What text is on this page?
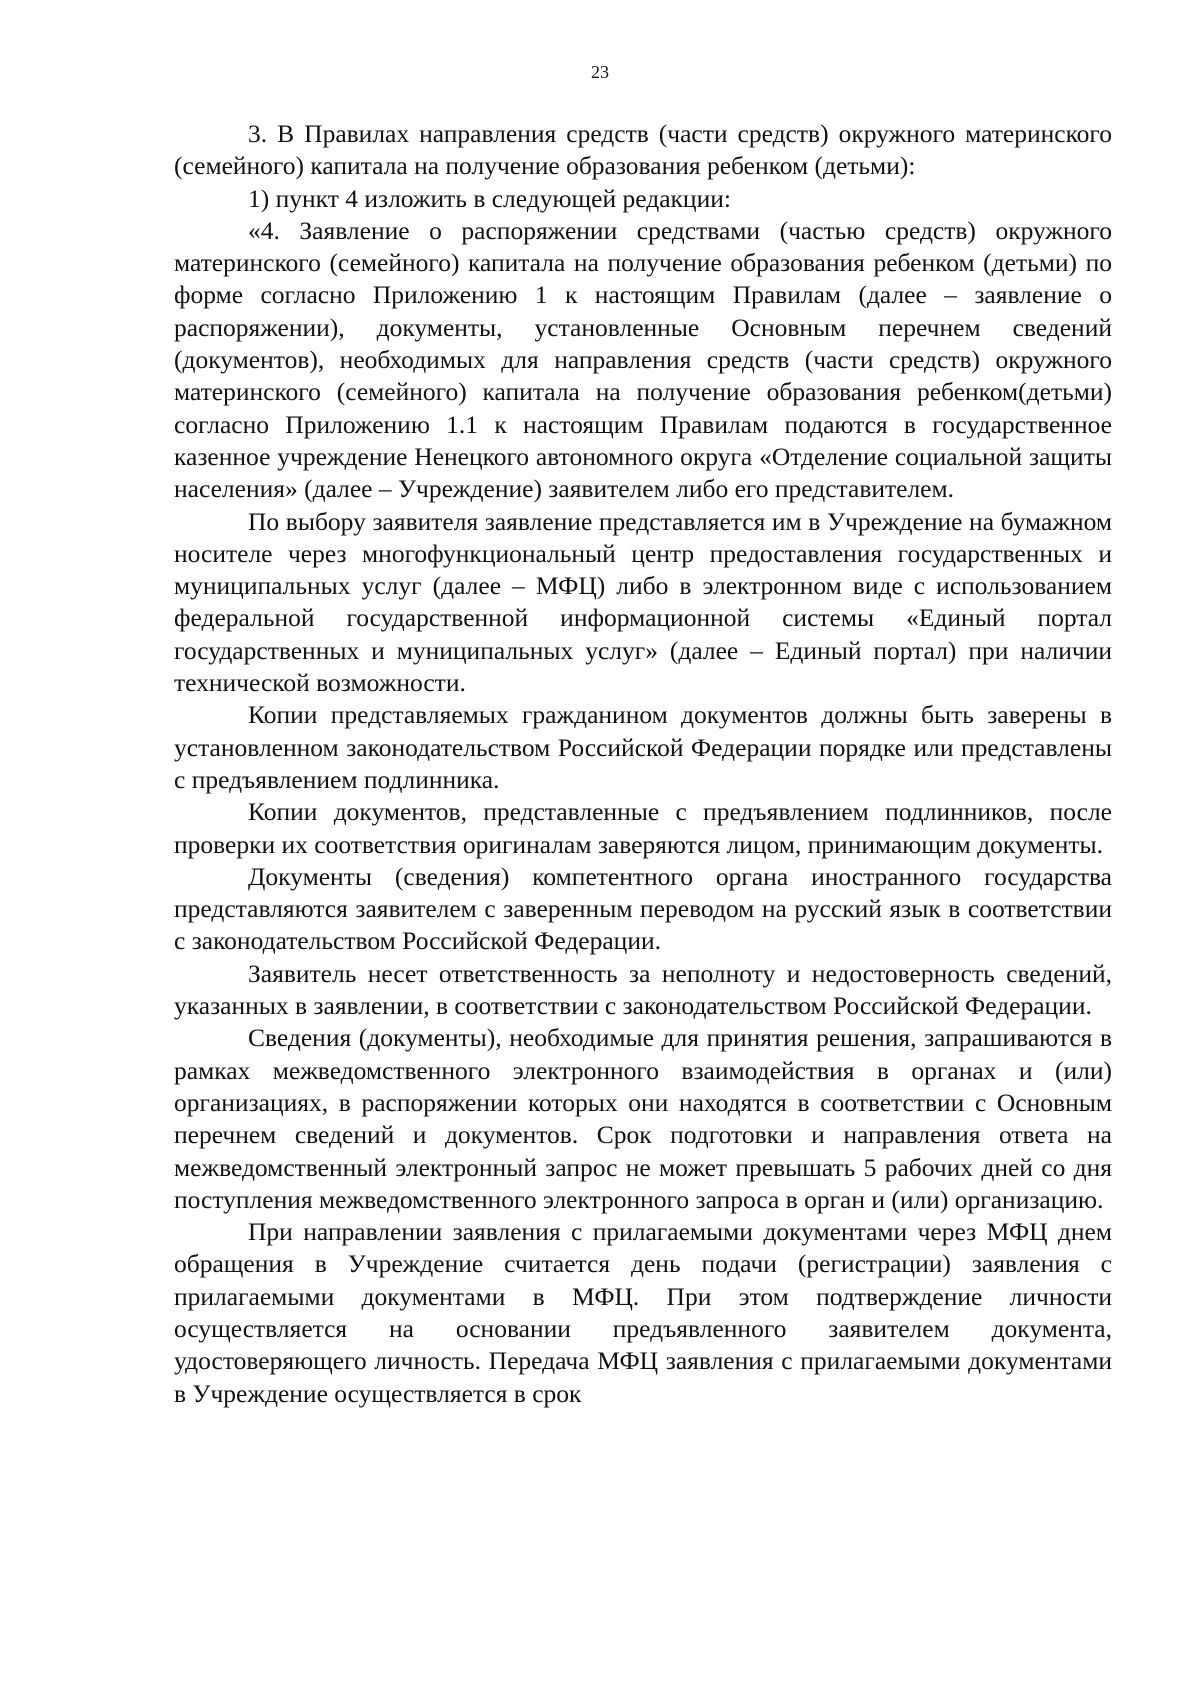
23

3. В Правилах направления средств (части средств) окружного материнского (семейного) капитала на получение образования ребенком (детьми):

1) пункт 4 изложить в следующей редакции:

«4. Заявление о распоряжении средствами (частью средств) окружного материнского (семейного) капитала на получение образования ребенком (детьми) по форме согласно Приложению 1 к настоящим Правилам (далее – заявление о распоряжении), документы, установленные Основным перечнем сведений (документов), необходимых для направления средств (части средств) окружного материнского (семейного) капитала на получение образования ребенком(детьми) согласно Приложению 1.1 к настоящим Правилам подаются в государственное казенное учреждение Ненецкого автономного округа «Отделение социальной защиты населения» (далее – Учреждение) заявителем либо его представителем.

По выбору заявителя заявление представляется им в Учреждение на бумажном носителе через многофункциональный центр предоставления государственных и муниципальных услуг (далее – МФЦ) либо в электронном виде с использованием федеральной государственной информационной системы «Единый портал государственных и муниципальных услуг» (далее – Единый портал) при наличии технической возможности.

Копии представляемых гражданином документов должны быть заверены в установленном законодательством Российской Федерации порядке или представлены с предъявлением подлинника.

Копии документов, представленные с предъявлением подлинников, после проверки их соответствия оригиналам заверяются лицом, принимающим документы.

Документы (сведения) компетентного органа иностранного государства представляются заявителем с заверенным переводом на русский язык в соответствии с законодательством Российской Федерации.

Заявитель несет ответственность за неполноту и недостоверность сведений, указанных в заявлении, в соответствии с законодательством Российской Федерации.

Сведения (документы), необходимые для принятия решения, запрашиваются в рамках межведомственного электронного взаимодействия в органах и (или) организациях, в распоряжении которых они находятся в соответствии с Основным перечнем сведений и документов. Срок подготовки и направления ответа на межведомственный электронный запрос не может превышать 5 рабочих дней со дня поступления межведомственного электронного запроса в орган и (или) организацию.

При направлении заявления с прилагаемыми документами через МФЦ днем обращения в Учреждение считается день подачи (регистрации) заявления с прилагаемыми документами в МФЦ. При этом подтверждение личности осуществляется на основании предъявленного заявителем документа, удостоверяющего личность. Передача МФЦ заявления с прилагаемыми документами в Учреждение осуществляется в срок
